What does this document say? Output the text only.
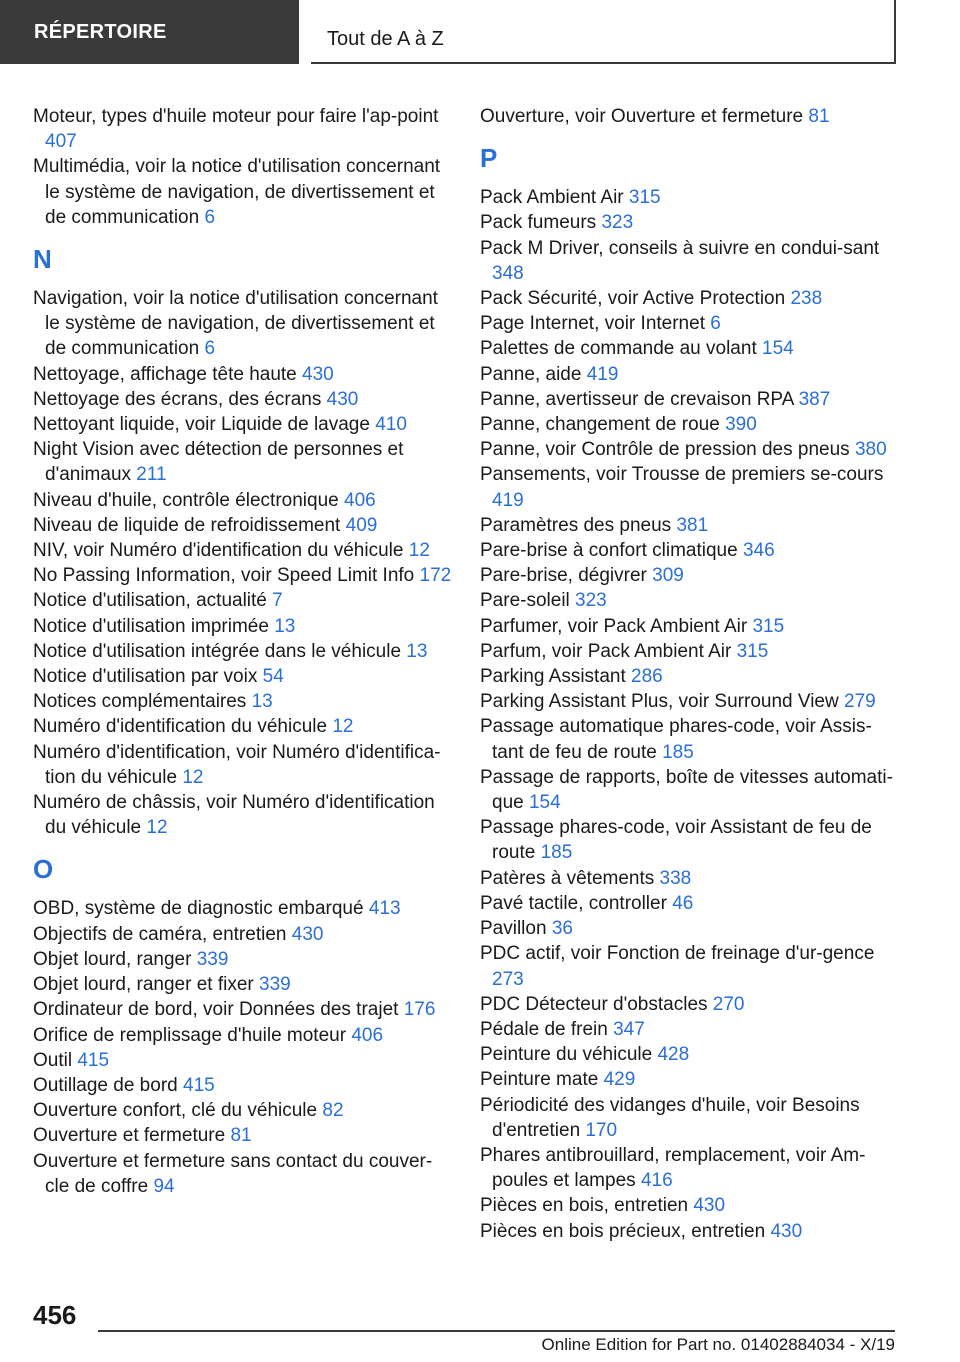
RÉPERTOIRE	Tout de A à Z

Moteur, types d'huile moteur pour faire l'ap-point 407

Multimédia, voir la notice d'utilisation concernant le système de navigation, de divertissement et de communication 6

N

Navigation, voir la notice d'utilisation concernant le système de navigation, de divertissement et de communication 6

Nettoyage, affichage tête haute 430

Nettoyage des écrans, des écrans 430

Nettoyant liquide, voir Liquide de lavage 410

Night Vision avec détection de personnes et d'animaux 211

Niveau d'huile, contrôle électronique 406

Niveau de liquide de refroidissement 409

NIV, voir Numéro d'identification du véhicule 12

No Passing Information, voir Speed Limit Info 172

Notice d'utilisation, actualité 7

Notice d'utilisation imprimée 13

Notice d'utilisation intégrée dans le véhicule 13

Notice d'utilisation par voix 54

Notices complémentaires 13

Numéro d'identification du véhicule 12

Numéro d'identification, voir Numéro d'identifica-tion du véhicule 12

Numéro de châssis, voir Numéro d'identification du véhicule 12

O

OBD, système de diagnostic embarqué 413

Objectifs de caméra, entretien 430

Objet lourd, ranger 339

Objet lourd, ranger et fixer 339

Ordinateur de bord, voir Données des trajet 176

Orifice de remplissage d'huile moteur 406

Outil 415

Outillage de bord 415

Ouverture confort, clé du véhicule 82

Ouverture et fermeture 81

Ouverture et fermeture sans contact du couver-cle de coffre 94

Ouverture, voir Ouverture et fermeture 81

P

Pack Ambient Air 315

Pack fumeurs 323

Pack M Driver, conseils à suivre en condui-sant 348

Pack Sécurité, voir Active Protection 238

Page Internet, voir Internet 6

Palettes de commande au volant 154

Panne, aide 419

Panne, avertisseur de crevaison RPA 387

Panne, changement de roue 390

Panne, voir Contrôle de pression des pneus 380

Pansements, voir Trousse de premiers se-cours 419

Paramètres des pneus 381

Pare-brise à confort climatique 346

Pare-brise, dégivrer 309

Pare-soleil 323

Parfumer, voir Pack Ambient Air 315

Parfum, voir Pack Ambient Air 315

Parking Assistant 286

Parking Assistant Plus, voir Surround View 279

Passage automatique phares-code, voir Assis-tant de feu de route 185

Passage de rapports, boîte de vitesses automati-que 154

Passage phares-code, voir Assistant de feu de route 185

Patères à vêtements 338

Pavé tactile, controller 46

Pavillon 36

PDC actif, voir Fonction de freinage d'ur-gence 273

PDC Détecteur d'obstacles 270

Pédale de frein 347

Peinture du véhicule 428

Peinture mate 429

Périodicité des vidanges d'huile, voir Besoins d'entretien 170

Phares antibrouillard, remplacement, voir Am-poules et lampes 416

Pièces en bois, entretien 430

Pièces en bois précieux, entretien 430

456
Online Edition for Part no. 01402884034 - X/19
